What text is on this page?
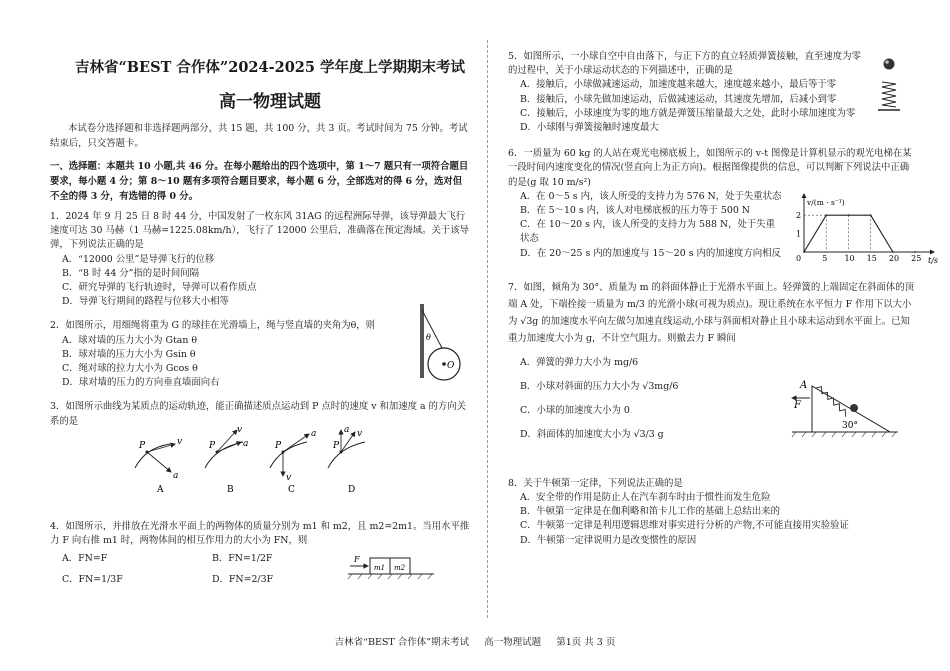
吉林省“BEST 合作体”2024-2025 学年度上学期期末考试
高一物理试题
本试卷分选择题和非选择题两部分，共 15 题，共 100 分，共 3 页。考试时间为 75 分钟。考试结束后，只交答题卡。
一、选择题：本题共 10 小题,共 46 分。在每小题给出的四个选项中，第 1～7 题只有一项符合题目要求，每小题 4 分；第 8～10 题有多项符合题目要求，每小题 6 分，全部选对的得 6 分，选对但不全的得 3 分，有选错的得 0 分。
1．2024 年 9 月 25 日 8 时 44 分，中国发射了一枚东风 31AG 的远程洲际导弹，该导弹最大飞行速度可达 30 马赫（1 马赫=1225.08km/h），飞行了 12000 公里后，准确落在预定海域。关于该导弹，下列说法正确的是
A．“12000 公里”是导弹飞行的位移
B．“8 时 44 分”指的是时间间隔
C．研究导弹的飞行轨迹时，导弹可以看作质点
D．导弹飞行期间的路程与位移大小相等
2．如图所示，用细绳将重为 G 的球挂在光滑墙上，绳与竖直墙的夹角为θ，则
A．球对墙的压力大小为 Gtan θ
B．球对墙的压力大小为 Gsin θ
C．绳对球的拉力大小为 Gcos θ
D．球对墙的压力的方向垂直墙面向右
3．如图所示曲线为某质点的运动轨迹，能正确描述质点运动到 P 点时的速度 v 和加速度 a 的方向关系的是
O
θ
P	v
a
A
P
v
a
B
P
a
v
C
P
a v
D
4．如图所示，并排放在光滑水平面上的两物体的质量分别为 m1 和 m2，且 m2=2m1。当用水平推力 F 向右推 m1 时，两物体间的相互作用力的大小为 FN，则
A．FN=F	B．FN=1/2F
C．FN=1/3F	D．FN=2/3F
F
m1 m2
5．如图所示，一小球自空中自由落下，与正下方的直立轻质弹簧接触，直至速度为零的过程中，关于小球运动状态的下列描述中，正确的是
A．接触后，小球做减速运动，加速度越来越大，速度越来越小，最后等于零
B．接触后，小球先做加速运动，后做减速运动，其速度先增加，后减小到零
C．接触后，小球速度为零的地方就是弹簧压缩量最大之处，此时小球加速度为零
D．小球刚与弹簧接触时速度最大
6．一质量为 60 kg 的人站在观光电梯底板上，如图所示的 v-t 图像是计算机显示的观光电梯在某一段时间内速度变化的情况(竖直向上为正方向)。根据图像提供的信息，可以判断下列说法中正确的是(g 取 10 m/s²)
A．在 0～5 s 内，该人所受的支持力为 576 N，处于失重状态
B．在 5～10 s 内，该人对电梯底板的压力等于 500 N
C．在 10～20 s 内，该人所受的支持力为 588 N，处于失重状态
D．在 20～25 s 内的加速度与 15～20 s 内的加速度方向相反
7．如图，倾角为 30°、质量为 m 的斜面体静止于光滑水平面上。轻弹簧的上端固定在斜面体的顶端 A 处，下端拴接一质量为 m/3 的光滑小球(可视为质点)。现让系统在水平恒力 F 作用下以大小为 √3g 的加速度水平向左做匀加速直线运动,小球与斜面相对静止且小球未运动到水平面上。已知重力加速度大小为 g，不计空气阻力。则撤去力 F 瞬间
A．弹簧的弹力大小为 mg/6
B．小球对斜面的压力大小为 √3mg/6
C．小球的加速度大小为 0
D．斜面体的加速度大小为 √3/3 g
8．关于牛顿第一定律，下列说法正确的是
A．安全带的作用是防止人在汽车刹车时由于惯性而发生危险
B．牛顿第一定律是在伽利略和笛卡儿工作的基础上总结出来的
C．牛顿第一定律是利用逻辑思维对事实进行分析的产物,不可能直接用实验验证
D．牛顿第一定律说明力是改变惯性的原因
5 10 15 20 25
1
2
0	t/s
v/(m · s⁻¹)
F
A
30°
吉林省“BEST 合作体”期末考试 高一物理试题 第1页 共 3 页
